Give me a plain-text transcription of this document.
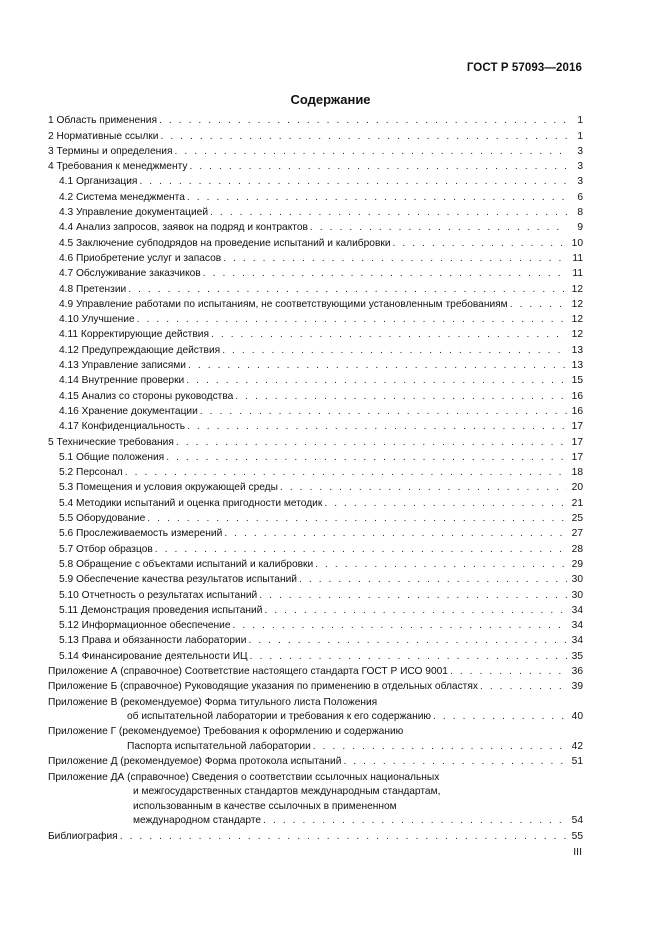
ГОСТ Р 57093—2016
Содержание
1 Область применения . . .	1
2 Нормативные ссылки . . .	1
3 Термины и определения . . .	3
4 Требования к менеджменту . . .	3
4.1 Организация . . .	3
4.2 Система менеджмента . . .	6
4.3 Управление документацией . . .	8
4.4 Анализ запросов, заявок на подряд и контрактов . . .	9
4.5 Заключение субподрядов на проведение испытаний и калибровки . . .	10
4.6 Приобретение услуг и запасов . . .	11
4.7 Обслуживание заказчиков . . .	11
4.8 Претензии . . .	12
4.9 Управление работами по испытаниям, не соответствующими установленным требованиям . . .	12
4.10 Улучшение . . .	12
4.11 Корректирующие действия . . .	12
4.12 Предупреждающие действия . . .	13
4.13 Управление записями . . .	13
4.14 Внутренние проверки . . .	15
4.15 Анализ со стороны руководства . . .	16
4.16 Хранение документации . . .	16
4.17 Конфиденциальность . . .	17
5 Технические требования . . .	17
5.1 Общие положения . . .	17
5.2 Персонал . . .	18
5.3 Помещения и условия окружающей среды . . .	20
5.4 Методики испытаний и оценка пригодности методик . . .	21
5.5 Оборудование . . .	25
5.6 Прослеживаемость измерений . . .	27
5.7 Отбор образцов . . .	28
5.8 Обращение с объектами испытаний и калибровки . . .	29
5.9 Обеспечение качества результатов испытаний . . .	30
5.10 Отчетность о результатах испытаний . . .	30
5.11 Демонстрация проведения испытаний . . .	34
5.12 Информационное обеспечение . . .	34
5.13 Права и обязанности лаборатории . . .	34
5.14 Финансирование деятельности ИЦ . . .	35
Приложение А (справочное) Соответствие настоящего стандарта ГОСТ Р ИСО 9001 . . .	36
Приложение Б (справочное) Руководящие указания по применению в отдельных областях . . .	39
Приложение В (рекомендуемое) Форма титульного листа Положения
об испытательной лаборатории и требования к его содержанию . . .	40
Приложение Г (рекомендуемое) Требования к оформлению и содержанию
Паспорта испытательной лаборатории . . .	42
Приложение Д (рекомендуемое) Форма протокола испытаний . . .	51
Приложение ДА (справочное) Сведения о соответствии ссылочных национальных
и межгосударственных стандартов международным стандартам,
использованным в качестве ссылочных в примененном
международном стандарте . . .	54
Библиография . . .	55
III
